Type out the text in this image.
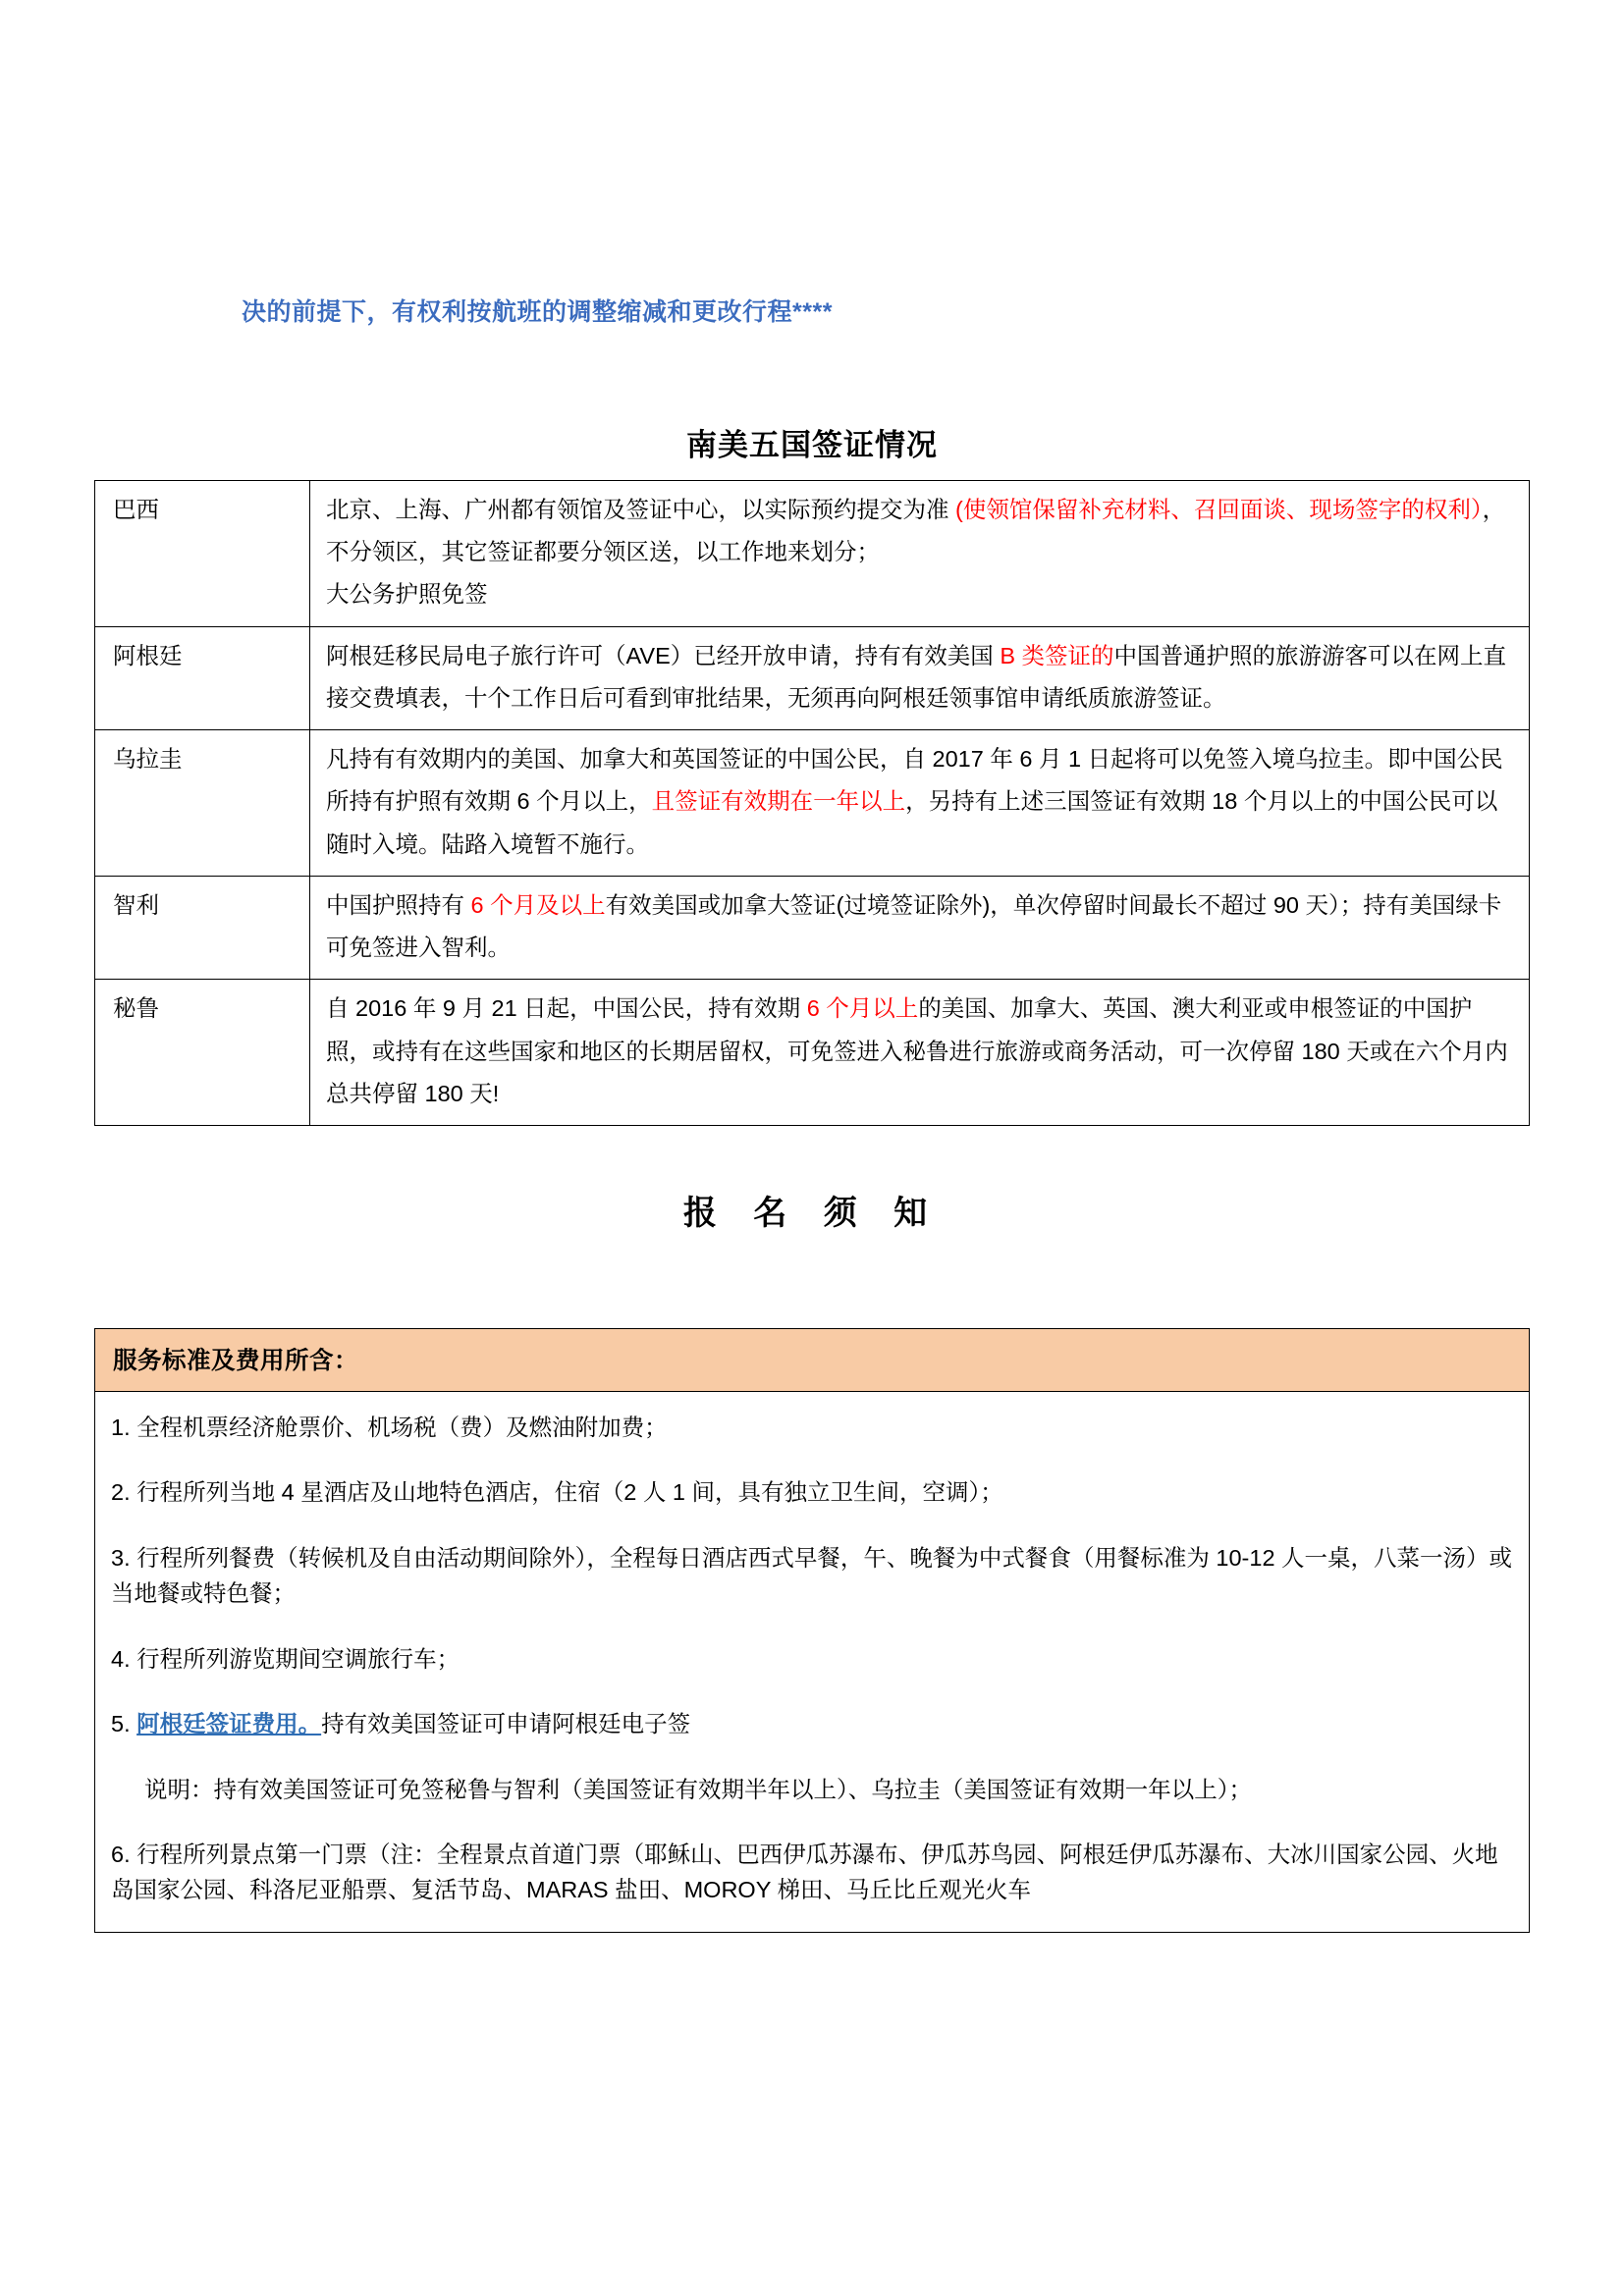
决的前提下，有权利按航班的调整缩减和更改行程****
南美五国签证情况
巴西	北京、上海、广州都有领馆及签证中心，以实际预约提交为准 (使领馆保留补充材料、召回面谈、现场签字的权利），不分领区，其它签证都要分领区送，以工作地来划分；
大公务护照免签
阿根廷	阿根廷移民局电子旅行许可（AVE）已经开放申请，持有有效美国 B 类签证的中国普通护照的旅游游客可以在网上直接交费填表，十个工作日后可看到审批结果，无须再向阿根廷领事馆申请纸质旅游签证。
乌拉圭	凡持有有效期内的美国、加拿大和英国签证的中国公民，自 2017 年 6 月 1 日起将可以免签入境乌拉圭。即中国公民所持有护照有效期 6 个月以上，且签证有效期在一年以上，另持有上述三国签证有效期 18 个月以上的中国公民可以随时入境。陆路入境暂不施行。
智利	中国护照持有 6 个月及以上有效美国或加拿大签证(过境签证除外)，单次停留时间最长不超过 90 天）；持有美国绿卡可免签进入智利。
秘鲁	自 2016 年 9 月 21 日起，中国公民，持有效期 6 个月以上的美国、加拿大、英国、澳大利亚或申根签证的中国护照，或持有在这些国家和地区的长期居留权，可免签进入秘鲁进行旅游或商务活动，可一次停留 180 天或在六个月内总共停留 180 天!
报 名 须 知
服务标准及费用所含：

1. 全程机票经济舱票价、机场税（费）及燃油附加费；

2. 行程所列当地 4 星酒店及山地特色酒店，住宿（2 人 1 间，具有独立卫生间，空调）；

3. 行程所列餐费（转候机及自由活动期间除外），全程每日酒店西式早餐，午、晚餐为中式餐食（用餐标准为 10-12 人一桌，八菜一汤）或当地餐或特色餐；

4. 行程所列游览期间空调旅行车；

5. 阿根廷签证费用。持有效美国签证可申请阿根廷电子签

说明：持有效美国签证可免签秘鲁与智利（美国签证有效期半年以上）、乌拉圭（美国签证有效期一年以上）；

6. 行程所列景点第一门票（注：全程景点首道门票（耶稣山、巴西伊瓜苏瀑布、伊瓜苏鸟园、阿根廷伊瓜苏瀑布、大冰川国家公园、火地岛国家公园、科洛尼亚船票、复活节岛、MARAS 盐田、MOROY 梯田、马丘比丘观光火车
